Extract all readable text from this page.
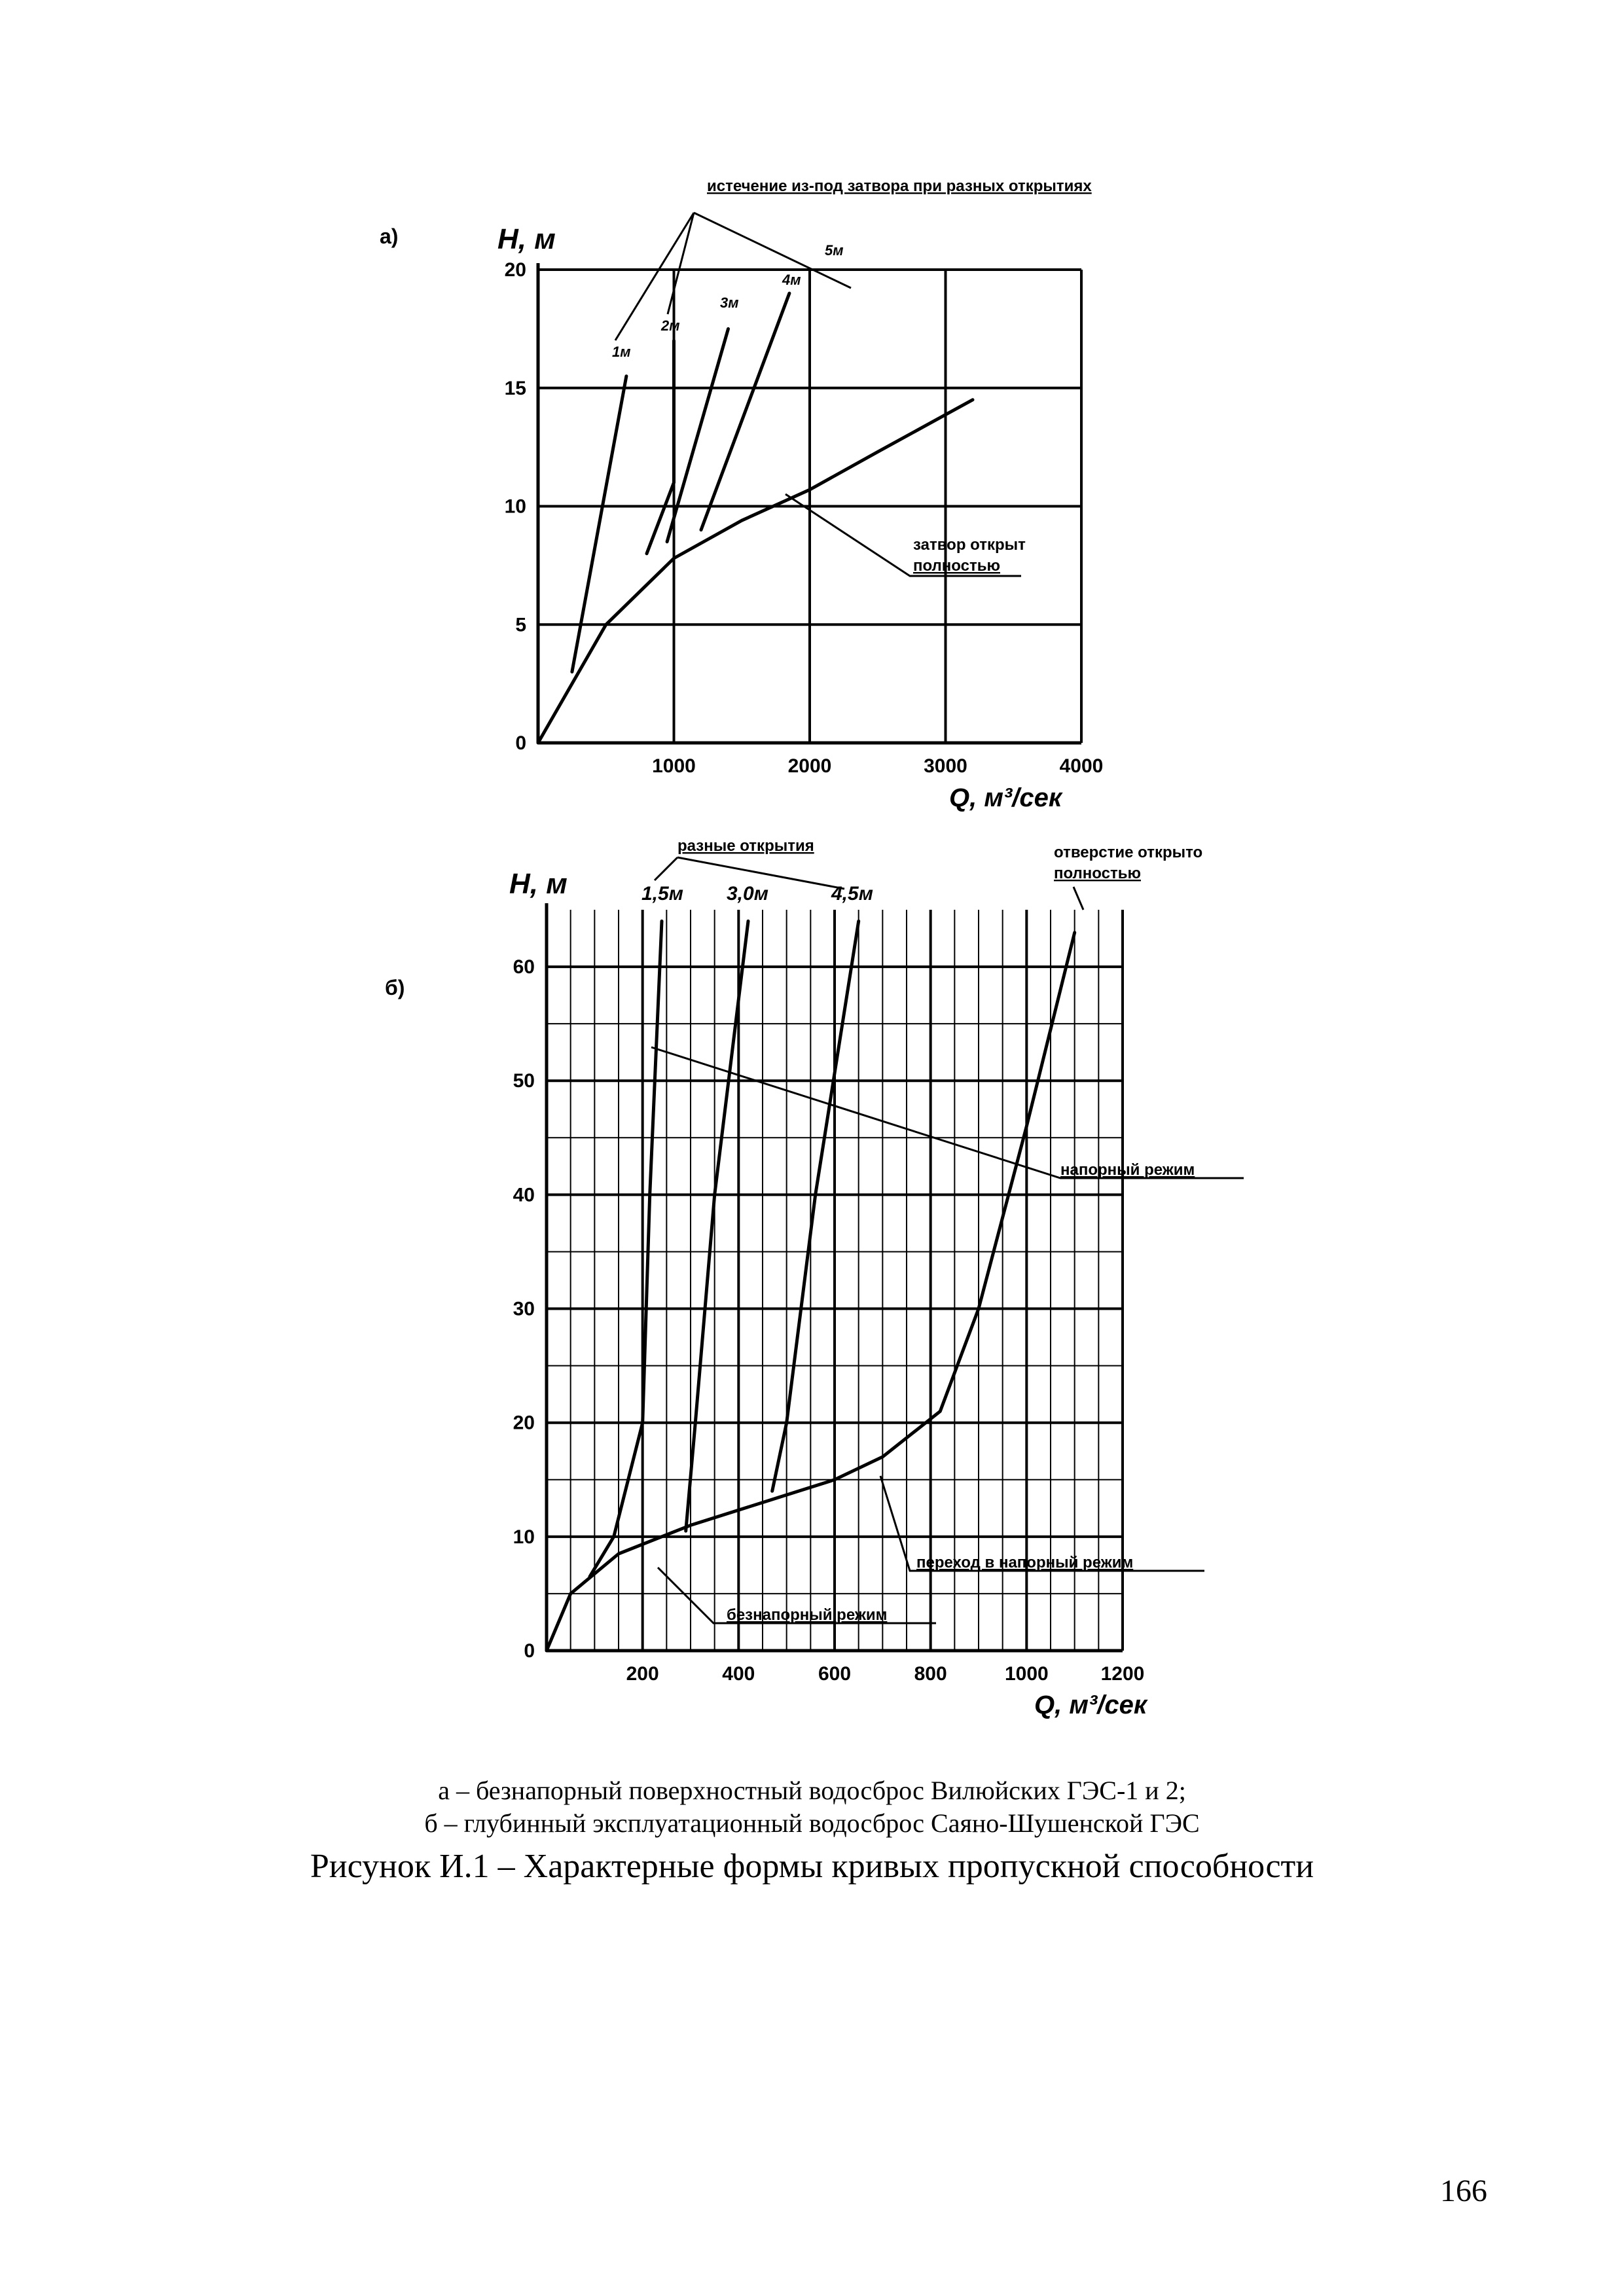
а)	H, м
Q, м³/сек
1000	2000	3000	4000
0
5
10
15
20
истечение из-под затвора при разных открытиях
1м
2м
3м
4м
5м
затвор открыт полностью
б)
H, м
Q, м³/сек
200	400	600	800	1000	1200
0
10
20
30
40
50
60
разные открытия
1,5м 3,0м	4,5м
отверстие открыто полностью
напорный режим
переход в напорный режим
безнапорный режим
а – безнапорный поверхностный водосброс Вилюйских ГЭС-1 и 2;
б – глубинный эксплуатационный водосброс Саяно-Шушенской ГЭС
Рисунок И.1 – Характерные формы кривых пропускной способности
166
